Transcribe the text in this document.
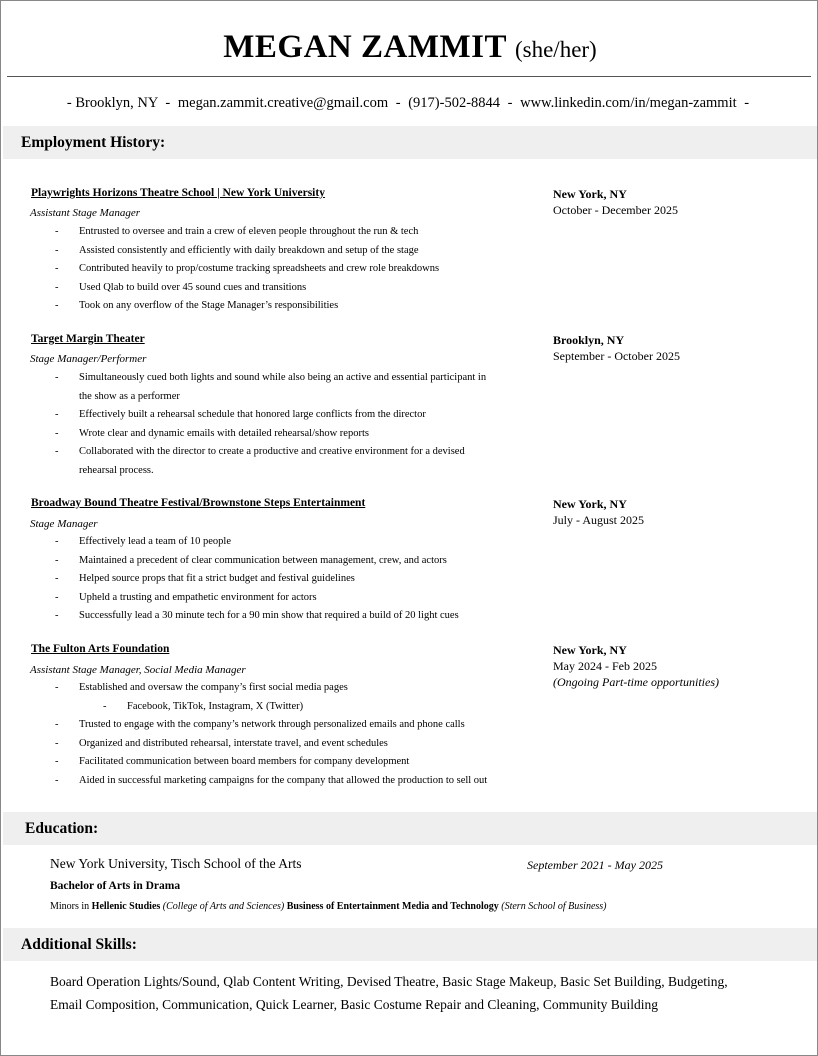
MEGAN ZAMMIT (she/her)
- Brooklyn, NY - megan.zammit.creative@gmail.com - (917)-502-8844 - www.linkedin.com/in/megan-zammit -
Employment History:
Playwrights Horizons Theatre School | New York University
Assistant Stage Manager
New York, NY
October - December 2025
- Entrusted to oversee and train a crew of eleven people throughout the run & tech
- Assisted consistently and efficiently with daily breakdown and setup of the stage
- Contributed heavily to prop/costume tracking spreadsheets and crew role breakdowns
- Used Qlab to build over 45 sound cues and transitions
- Took on any overflow of the Stage Manager’s responsibilities
Target Margin Theater
Stage Manager/Performer
Brooklyn, NY
September - October 2025
- Simultaneously cued both lights and sound while also being an active and essential participant in the show as a performer
- Effectively built a rehearsal schedule that honored large conflicts from the director
- Wrote clear and dynamic emails with detailed rehearsal/show reports
- Collaborated with the director to create a productive and creative environment for a devised rehearsal process.
Broadway Bound Theatre Festival/Brownstone Steps Entertainment
Stage Manager
New York, NY
July - August 2025
- Effectively lead a team of 10 people
- Maintained a precedent of clear communication between management, crew, and actors
- Helped source props that fit a strict budget and festival guidelines
- Upheld a trusting and empathetic environment for actors
- Successfully lead a 30 minute tech for a 90 min show that required a build of 20 light cues
The Fulton Arts Foundation
Assistant Stage Manager, Social Media Manager
New York, NY
May 2024 - Feb 2025
(Ongoing Part-time opportunities)
- Established and oversaw the company’s first social media pages
- Facebook, TikTok, Instagram, X (Twitter)
- Trusted to engage with the company’s network through personalized emails and phone calls
- Organized and distributed rehearsal, interstate travel, and event schedules
- Facilitated communication between board members for company development
- Aided in successful marketing campaigns for the company that allowed the production to sell out
Education:
New York University, Tisch School of the Arts	September 2021 - May 2025
Bachelor of Arts in Drama
Minors in Hellenic Studies (College of Arts and Sciences) Business of Entertainment Media and Technology (Stern School of Business)
Additional Skills:
Board Operation Lights/Sound, Qlab Content Writing, Devised Theatre, Basic Stage Makeup, Basic Set Building, Budgeting, Email Composition, Communication, Quick Learner, Basic Costume Repair and Cleaning, Community Building
